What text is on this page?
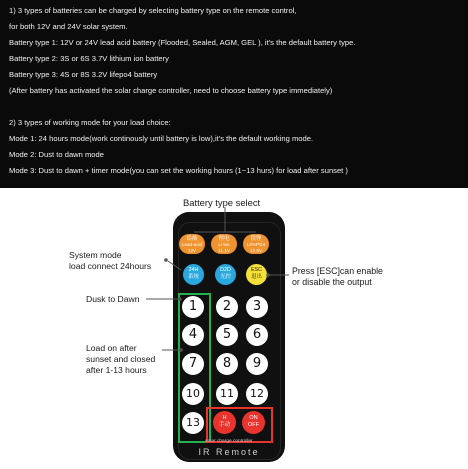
1) 3 types of batteries can be charged by selecting battery type on the remote control,
for both 12V and 24V solar system.
Battery type 1: 12V or 24V lead acid battery (Flooded, Sealed, AGM, GEL ), it's the default battery type.
Battery type 2: 3S or 6S 3.7V lithium ion battery
Battery type 3: 4S or 8S 3.2V lifepo4 battery
(After battery has activated the solar charge controller, need to choose battery type immediately)
2) 3 types of working mode for your load choice:
Mode 1: 24 hours mode(work continously until battery is low),it's the default working mode.
Mode 2: Dust to dawn mode
Mode 3: Dust to dawn + timer mode(you can set the working hours (1~13 hurs) for load after sunset )
Battery type select
System mode
load connect 24hours	Press [ESC]can enable
or disable the output
Dusk to Dawn
Load on after
sunset and closed
after 1-13 hours
铅酸
Lead-acid
12V
锂电
Li-ion
11.1V
铁锂
LiFePO4
12.8V
24H
系统
D2D
光控
ESC
退出
1	2	3
4	5	6
7	8	9
10	11	12
13	H
手动
ON
OFF
solar charge controller
IR Remote
